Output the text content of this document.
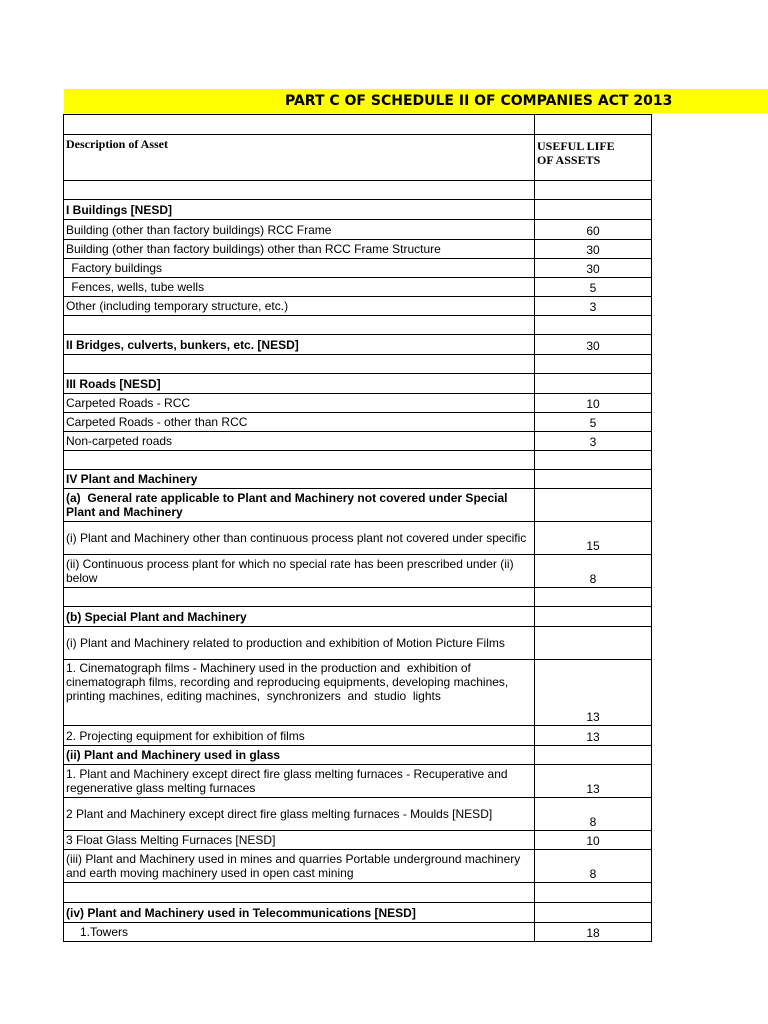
PART C OF SCHEDULE II OF COMPANIES ACT 2013

Description of Asset	USEFUL LIFE
OF ASSETS

I Buildings [NESD]	
Building (other than factory buildings) RCC Frame	60
Building (other than factory buildings) other than RCC Frame Structure	30
Factory buildings	30
Fences, wells, tube wells	5
Other (including temporary structure, etc.)	3

II Bridges, culverts, bunkers, etc. [NESD]	30

III Roads [NESD]	
Carpeted Roads - RCC	10
Carpeted Roads - other than RCC	5
Non-carpeted roads	3

IV Plant and Machinery	
(a)  General rate applicable to Plant and Machinery not covered under Special Plant and Machinery	
(i) Plant and Machinery other than continuous process plant not covered under specific	15
(ii) Continuous process plant for which no special rate has been prescribed under (ii) below	8

(b) Special Plant and Machinery	
(i) Plant and Machinery related to production and exhibition of Motion Picture Films	
1. Cinematograph films - Machinery used in the production and  exhibition of cinematograph films, recording and reproducing equipments, developing machines, printing machines, editing machines,  synchronizers  and  studio  lights	13
2. Projecting equipment for exhibition of films	13
(ii) Plant and Machinery used in glass	
1. Plant and Machinery except direct fire glass melting furnaces - Recuperative and regenerative glass melting furnaces	13
2 Plant and Machinery except direct fire glass melting furnaces - Moulds [NESD]	8
3 Float Glass Melting Furnaces [NESD]	10
(iii) Plant and Machinery used in mines and quarries Portable underground machinery and earth moving machinery used in open cast mining	8

(iv) Plant and Machinery used in Telecommunications [NESD]	
1.Towers	18
